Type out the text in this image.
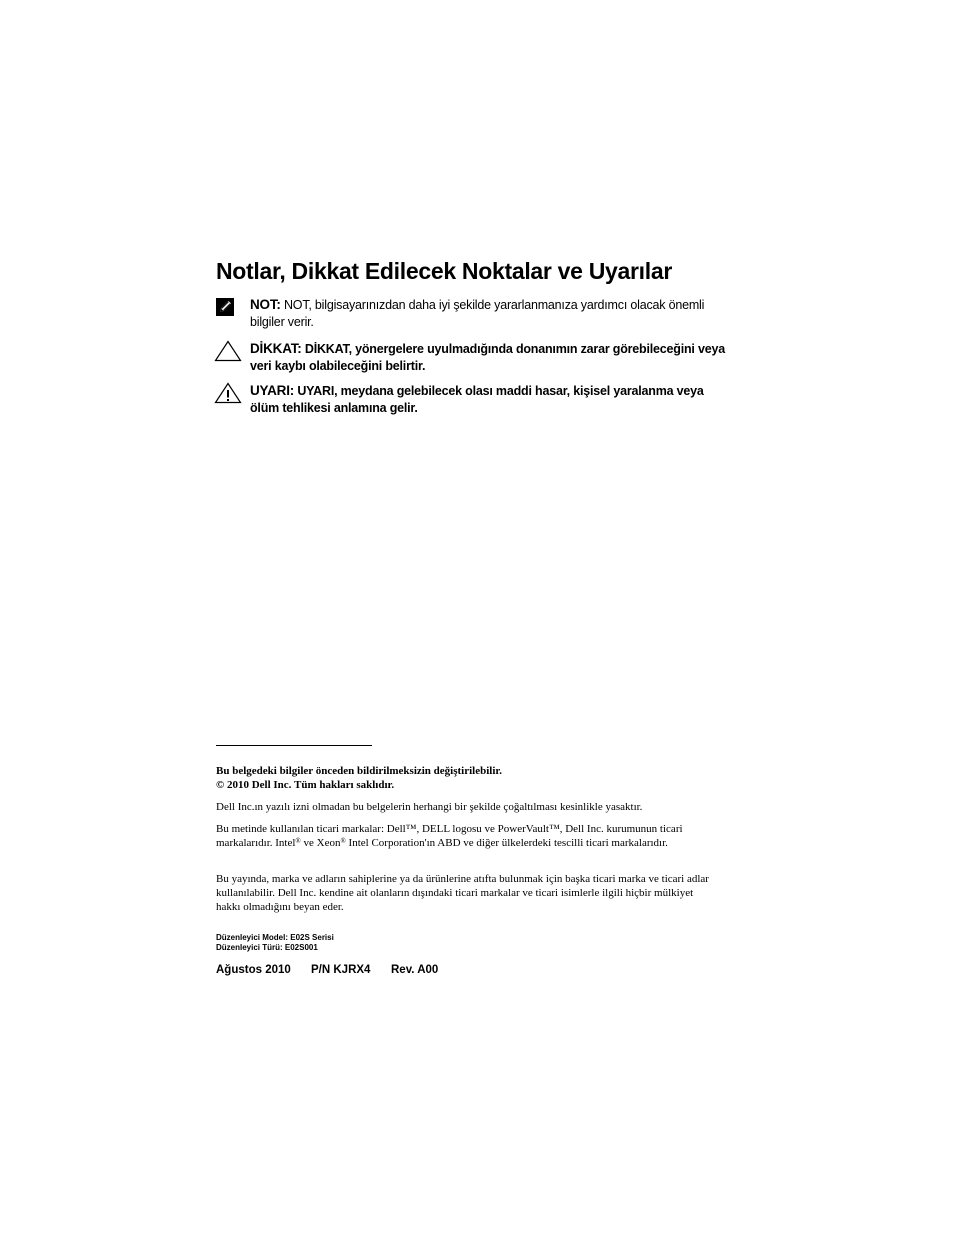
Notlar, Dikkat Edilecek Noktalar ve Uyarılar
NOT: NOT, bilgisayarınızdan daha iyi şekilde yararlanmanıza yardımcı olacak önemli bilgiler verir.
DİKKAT: DİKKAT, yönergelere uyulmadığında donanımın zarar görebileceğini veya veri kaybı olabileceğini belirtir.
UYARI: UYARI, meydana gelebilecek olası maddi hasar, kişisel yaralanma veya ölüm tehlikesi anlamına gelir.

Bu belgedeki bilgiler önceden bildirilmeksizin değiştirilebilir.

© 2010 Dell Inc. Tüm hakları saklıdır.

Dell Inc.ın yazılı izni olmadan bu belgelerin herhangi bir şekilde çoğaltılması kesinlikle yasaktır.

Bu metinde kullanılan ticari markalar: Dell™, DELL logosu ve PowerVault™, Dell Inc. kurumunun ticari markalarıdır. Intel® ve Xeon® Intel Corporation'ın ABD ve diğer ülkelerdeki tescilli ticari markalarıdır.

Bu yayında, marka ve adların sahiplerine ya da ürünlerine atıfta bulunmak için başka ticari marka ve ticari adlar kullanılabilir. Dell Inc. kendine ait olanların dışındaki ticari markalar ve ticari isimlerle ilgili hiçbir mülkiyet hakkı olmadığını beyan eder.

Düzenleyici Model: E02S Serisi
Düzenleyici Türü: E02S001
Ağustos 2010 P/N KJRX4 Rev. A00
